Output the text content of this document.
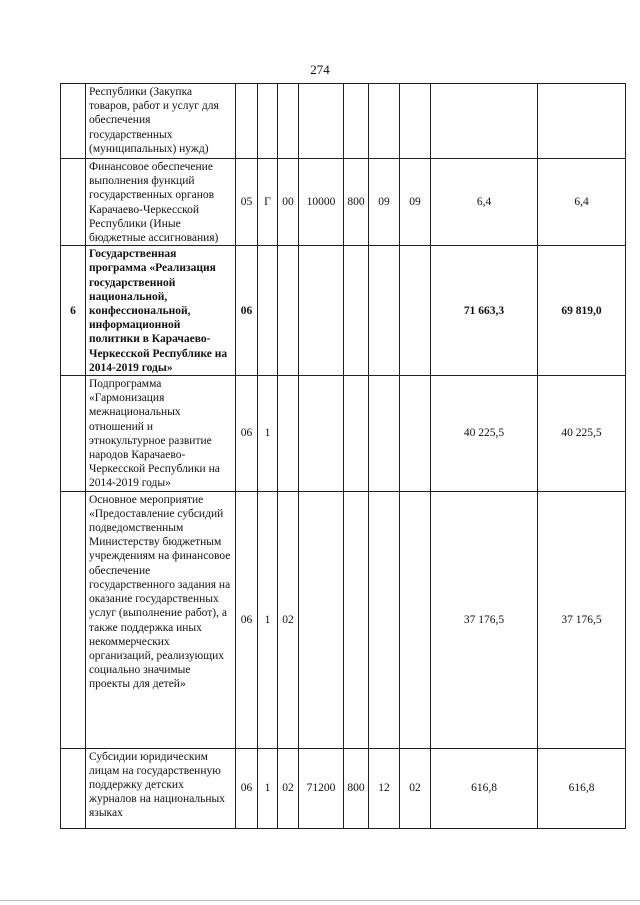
274
	Республики (Закупка товаров, работ и услуг для обеспечения государственных (муниципальных) нужд)									
	Финансовое обеспечение выполнения функций государственных органов Карачаево-Черкесской Республики (Иные бюджетные ассигнования)	05	Г	00	10000	800	09	09	6,4	6,4
6	Государственная программа «Реализация государственной национальной, конфессиональной, информационной политики в Карачаево-Черкесской Республике на 2014-2019 годы»	06							71 663,3	69 819,0
	Подпрограмма «Гармонизация межнациональных отношений и этнокультурное развитие народов Карачаево-Черкесской Республики на 2014-2019 годы»	06	1						40 225,5	40 225,5
	Основное мероприятие «Предоставление субсидий подведомственным Министерству бюджетным учреждениям на финансовое обеспечение государственного задания на оказание государственных услуг (выполнение работ), а также поддержка иных некоммерческих организаций, реализующих социально значимые проекты для детей»	06	1	02					37 176,5	37 176,5
	Субсидии юридическим лицам на государственную поддержку детских журналов на национальных языках	06	1	02	71200	800	12	02	616,8	616,8
